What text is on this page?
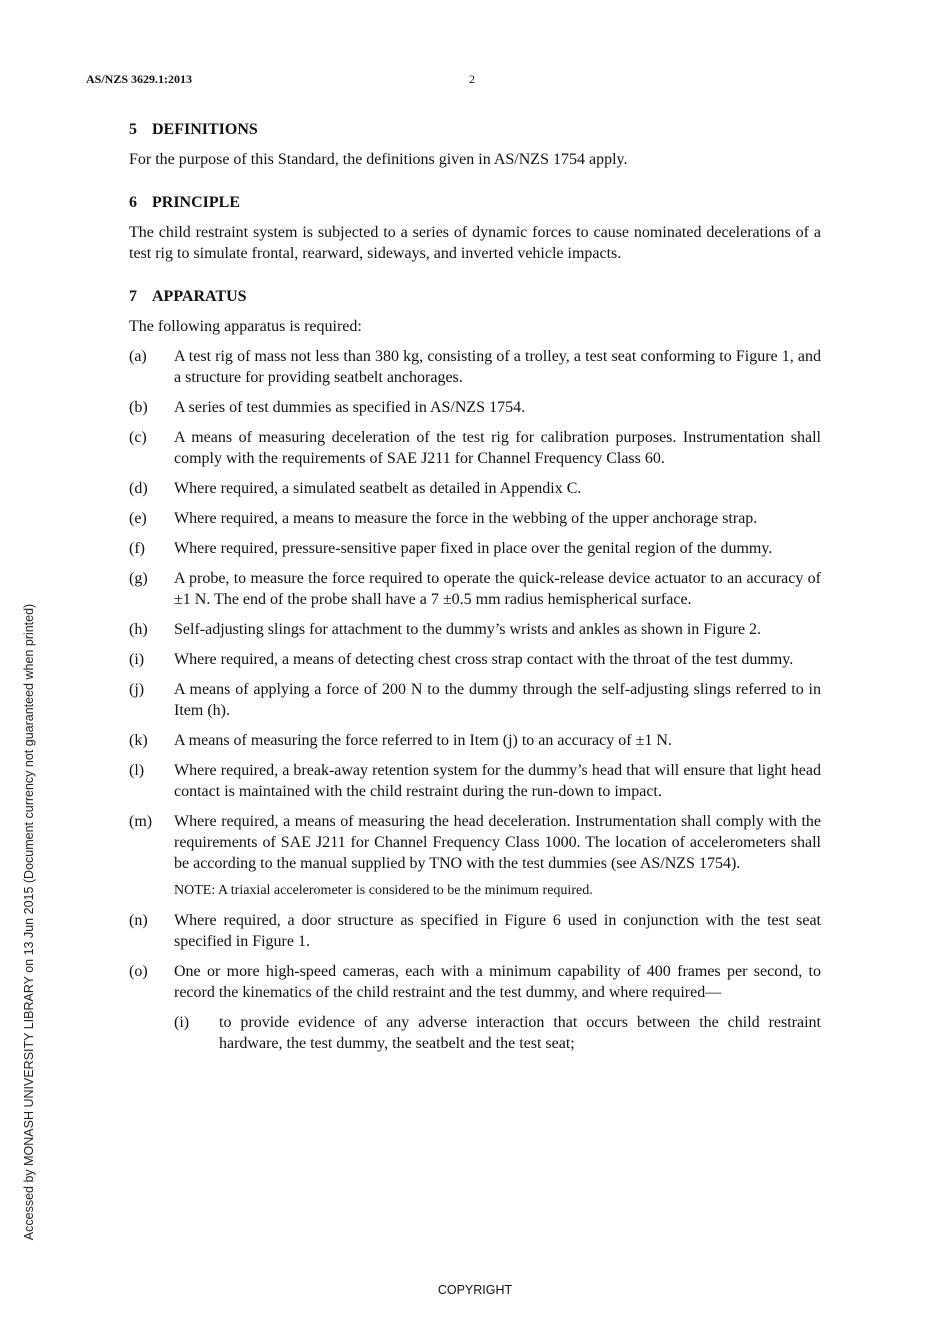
AS/NZS 3629.1:2013	2
Accessed by MONASH UNIVERSITY LIBRARY on 13 Jun 2015 (Document currency not guaranteed when printed)
5 DEFINITIONS
For the purpose of this Standard, the definitions given in AS/NZS 1754 apply.
6 PRINCIPLE
The child restraint system is subjected to a series of dynamic forces to cause nominated decelerations of a test rig to simulate frontal, rearward, sideways, and inverted vehicle impacts.
7 APPARATUS
The following apparatus is required:
(a)	A test rig of mass not less than 380 kg, consisting of a trolley, a test seat conforming to Figure 1, and a structure for providing seatbelt anchorages.
(b)	A series of test dummies as specified in AS/NZS 1754.
(c)	A means of measuring deceleration of the test rig for calibration purposes. Instrumentation shall comply with the requirements of SAE J211 for Channel Frequency Class 60.
(d)	Where required, a simulated seatbelt as detailed in Appendix C.
(e)	Where required, a means to measure the force in the webbing of the upper anchorage strap.
(f)	Where required, pressure-sensitive paper fixed in place over the genital region of the dummy.
(g)	A probe, to measure the force required to operate the quick-release device actuator to an accuracy of ±1 N. The end of the probe shall have a 7 ±0.5 mm radius hemispherical surface.
(h)	Self-adjusting slings for attachment to the dummy’s wrists and ankles as shown in Figure 2.
(i)	Where required, a means of detecting chest cross strap contact with the throat of the test dummy.
(j)	A means of applying a force of 200 N to the dummy through the self-adjusting slings referred to in Item (h).
(k)	A means of measuring the force referred to in Item (j) to an accuracy of ±1 N.
(l)	Where required, a break-away retention system for the dummy’s head that will ensure that light head contact is maintained with the child restraint during the run-down to impact.
(m)	Where required, a means of measuring the head deceleration. Instrumentation shall comply with the requirements of SAE J211 for Channel Frequency Class 1000. The location of accelerometers shall be according to the manual supplied by TNO with the test dummies (see AS/NZS 1754).
NOTE: A triaxial accelerometer is considered to be the minimum required.
(n)	Where required, a door structure as specified in Figure 6 used in conjunction with the test seat specified in Figure 1.
(o)	One or more high-speed cameras, each with a minimum capability of 400 frames per second, to record the kinematics of the child restraint and the test dummy, and where required—
(i)	to provide evidence of any adverse interaction that occurs between the child restraint hardware, the test dummy, the seatbelt and the test seat;
COPYRIGHT
